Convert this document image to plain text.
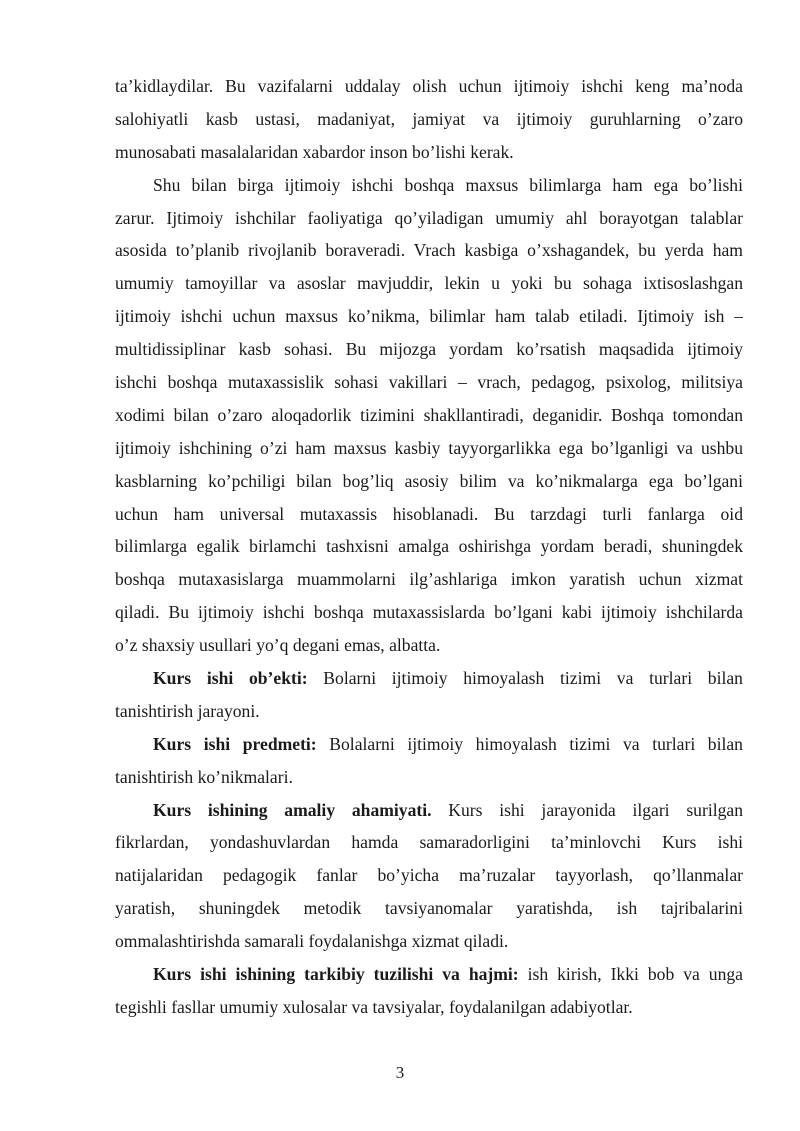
ta’kidlaydilar. Bu vazifalarni uddalay olish uchun ijtimoiy ishchi keng ma’noda
salohiyatli kasb ustasi, madaniyat, jamiyat va ijtimoiy guruhlarning o’zaro
munosabati masalalaridan xabardor inson bo’lishi kerak.
Shu bilan birga ijtimoiy ishchi boshqa maxsus bilimlarga ham ega bo’lishi
zarur. Ijtimoiy ishchilar faoliyatiga qo’yiladigan umumiy ahl borayotgan talablar
asosida to’planib rivojlanib boraveradi. Vrach kasbiga o’xshagandek, bu yerda ham
umumiy tamoyillar va asoslar mavjuddir, lekin u yoki bu sohaga ixtisoslashgan
ijtimoiy ishchi uchun maxsus ko’nikma, bilimlar ham talab etiladi. Ijtimoiy ish –
multidissiplinar kasb sohasi. Bu mijozga yordam ko’rsatish maqsadida ijtimoiy
ishchi boshqa mutaxassislik sohasi vakillari – vrach, pedagog, psixolog, militsiya
xodimi bilan o’zaro aloqadorlik tizimini shakllantiradi, deganidir. Boshqa tomondan
ijtimoiy ishchining o’zi ham maxsus kasbiy tayyorgarlikka ega bo’lganligi va ushbu
kasblarning ko’pchiligi bilan bog’liq asosiy bilim va ko’nikmalarga ega bo’lgani
uchun ham universal mutaxassis hisoblanadi. Bu tarzdagi turli fanlarga oid
bilimlarga egalik birlamchi tashxisni amalga oshirishga yordam beradi, shuningdek
boshqa mutaxasislarga muammolarni ilg’ashlariga imkon yaratish uchun xizmat
qiladi. Bu ijtimoiy ishchi boshqa mutaxassislarda bo’lgani kabi ijtimoiy ishchilarda
o’z shaxsiy usullari yo’q degani emas, albatta.
Kurs ishi ob’ekti: Bolarni ijtimoiy himoyalash tizimi va turlari bilan
tanishtirish jarayoni.
Kurs ishi predmeti: Bolalarni ijtimoiy himoyalash tizimi va turlari bilan
tanishtirish ko’nikmalari.
Kurs ishining amaliy ahamiyati. Kurs ishi jarayonida ilgari surilgan
fikrlardan, yondashuvlardan hamda samaradorligini ta’minlovchi Kurs ishi
natijalaridan pedagogik fanlar bo’yicha ma’ruzalar tayyorlash, qo’llanmalar
yaratish, shuningdek metodik tavsiyanomalar yaratishda, ish tajribalarini
ommalashtirishda samarali foydalanishga xizmat qiladi.
Kurs ishi ishining tarkibiy tuzilishi va hajmi: ish kirish, Ikki bob va unga
tegishli fasllar umumiy xulosalar va tavsiyalar, foydalanilgan adabiyotlar.
3
